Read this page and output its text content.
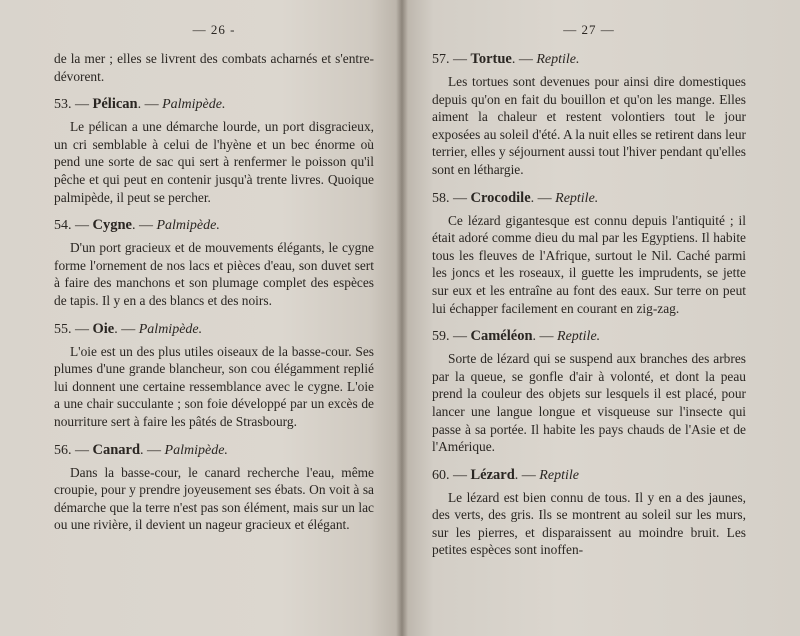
— 26 -

de la mer ; elles se livrent des combats acharnés et s'entre-dévorent.

53. — Pélican. — Palmipède.

Le pélican a une démarche lourde, un port disgracieux, un cri semblable à celui de l'hyène et un bec énorme où pend une sorte de sac qui sert à renfermer le poisson qu'il pêche et qui peut en contenir jusqu'à trente livres. Quoique palmipède, il peut se percher.

54. — Cygne. — Palmipède.

D'un port gracieux et de mouvements élégants, le cygne forme l'ornement de nos lacs et pièces d'eau, son duvet sert à faire des manchons et son plumage complet des espèces de tapis. Il y en a des blancs et des noirs.

55. — Oie. — Palmipède.

L'oie est un des plus utiles oiseaux de la basse-cour. Ses plumes d'une grande blancheur, son cou élégamment replié lui donnent une certaine ressemblance avec le cygne. L'oie a une chair succulante ; son foie développé par un excès de nourriture sert à faire les pâtés de Strasbourg.

56. — Canard. — Palmipède.

Dans la basse-cour, le canard recherche l'eau, même croupie, pour y prendre joyeusement ses ébats. On voit à sa démarche que la terre n'est pas son élément, mais sur un lac ou une rivière, il devient un nageur gracieux et élégant.

— 27 —
57. — Tortue. — Reptile.

Les tortues sont devenues pour ainsi dire domestiques depuis qu'on en fait du bouillon et qu'on les mange. Elles aiment la chaleur et restent volontiers tout le jour exposées au soleil d'été. A la nuit elles se retirent dans leur terrier, elles y séjournent aussi tout l'hiver pendant qu'elles sont en léthargie.

58. — Crocodile. — Reptile.

Ce lézard gigantesque est connu depuis l'antiquité ; il était adoré comme dieu du mal par les Egyptiens. Il habite tous les fleuves de l'Afrique, surtout le Nil. Caché parmi les joncs et les roseaux, il guette les imprudents, se jette sur eux et les entraîne au font des eaux. Sur terre on peut lui échapper facilement en courant en zig-zag.

59. — Caméléon. — Reptile.

Sorte de lézard qui se suspend aux branches des arbres par la queue, se gonfle d'air à volonté, et dont la peau prend la couleur des objets sur lesquels il est placé, pour lancer une langue longue et visqueuse sur l'insecte qui passe à sa portée. Il habite les pays chauds de l'Asie et de l'Amérique.

60. — Lézard. — Reptile

Le lézard est bien connu de tous. Il y en a des jaunes, des verts, des gris. Ils se montrent au soleil sur les murs, sur les pierres, et disparaissent au moindre bruit. Les petites espèces sont inoffen-
